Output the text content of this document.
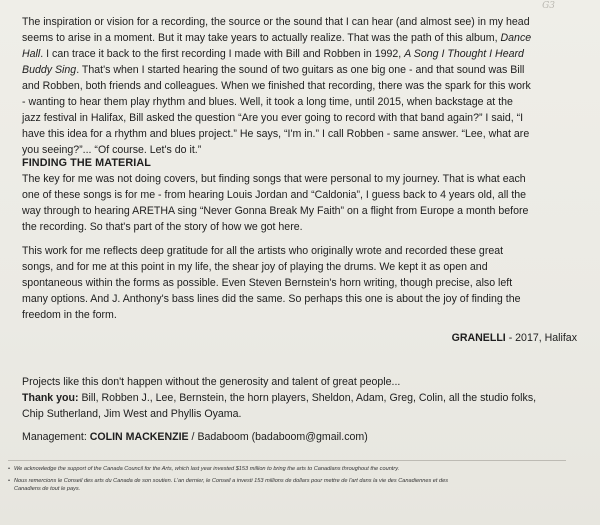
G3

The inspiration or vision for a recording, the source or the sound that I can hear (and almost see) in my head
seems to arise in a moment. But it may take years to actually realize. That was the path of this album, Dance
Hall. I can trace it back to the first recording I made with Bill and Robben in 1992, A Song I Thought I Heard
Buddy Sing. That's when I started hearing the sound of two guitars as one big one - and that sound was Bill
and Robben, both friends and colleagues. When we finished that recording, there was the spark for this work
- wanting to hear them play rhythm and blues. Well, it took a long time, until 2015, when backstage at the
jazz festival in Halifax, Bill asked the question “Are you ever going to record with that band again?” I said, “I
have this idea for a rhythm and blues project.” He says, “I'm in.” I call Robben - same answer. “Lee, what are
you seeing?”... “Of course. Let's do it.”

FINDING THE MATERIAL

The key for me was not doing covers, but finding songs that were personal to my journey. That is what each
one of these songs is for me - from hearing Louis Jordan and “Caldonia”, I guess back to 4 years old, all the
way through to hearing ARETHA sing “Never Gonna Break My Faith” on a flight from Europe a month before
the recording. So that's part of the story of how we got here.

This work for me reflects deep gratitude for all the artists who originally wrote and recorded these great
songs, and for me at this point in my life, the shear joy of playing the drums. We kept it as open and
spontaneous within the forms as possible. Even Steven Bernstein's horn writing, though precise, also left
many options. And J. Anthony's bass lines did the same. So perhaps this one is about the joy of finding the
freedom in the form.

GRANELLI - 2017, Halifax
Projects like this don't happen without the generosity and talent of great people...
Thank you: Bill, Robben J., Lee, Bernstein, the horn players, Sheldon, Adam, Greg, Colin, all the studio folks,
Chip Sutherland, Jim West and Phyllis Oyama.
Management: COLIN MACKENZIE / Badaboom (badaboom@gmail.com)
• We acknowledge the support of the Canada Council for the Arts, which last year invested $153 million to bring the arts to Canadians throughout the country.
• Nous remercions le Conseil des arts du Canada de son soutien. L'an dernier, le Conseil a investi 153 millions de dollars pour mettre de l'art dans la vie des Canadiennes et des
Canadiens de tout le pays.
